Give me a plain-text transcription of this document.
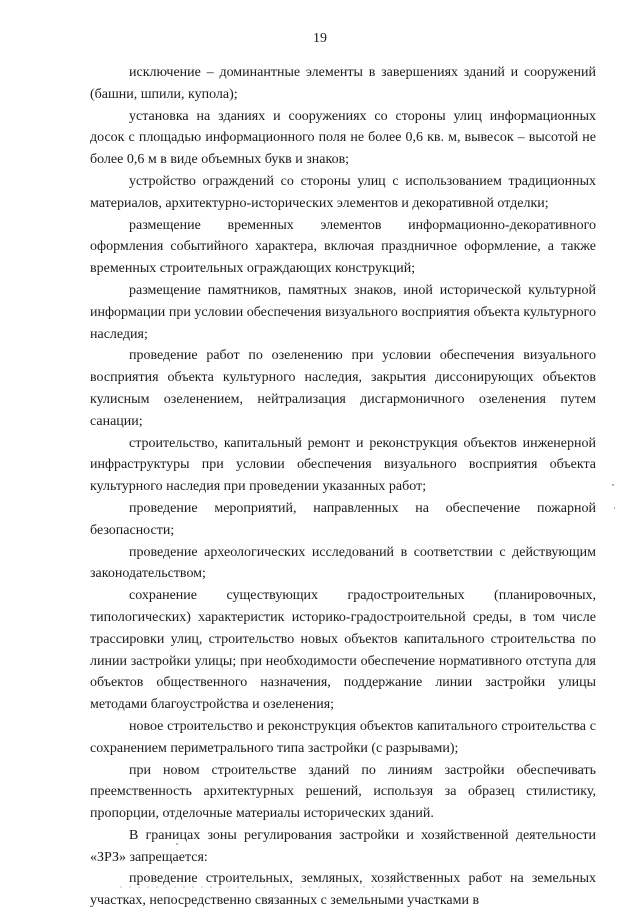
19

исключение – доминантные элементы в завершениях зданий и сооружений (башни, шпили, купола);

установка на зданиях и сооружениях со стороны улиц информационных досок с площадью информационного поля не более 0,6 кв. м, вывесок – высотой не более 0,6 м в виде объемных букв и знаков;

устройство ограждений со стороны улиц с использованием традиционных материалов, архитектурно-исторических элементов и декоративной отделки;

размещение временных элементов информационно-декоративного оформления событийного характера, включая праздничное оформление, а также временных строительных ограждающих конструкций;

размещение памятников, памятных знаков, иной исторической культурной информации при условии обеспечения визуального восприятия объекта культурного наследия;

проведение работ по озеленению при условии обеспечения визуального восприятия объекта культурного наследия, закрытия диссонирующих объектов кулисным озеленением, нейтрализация дисгармоничного озеленения путем санации;

строительство, капитальный ремонт и реконструкция объектов инженерной инфраструктуры при условии обеспечения визуального восприятия объекта культурного наследия при проведении указанных работ;

проведение мероприятий, направленных на обеспечение пожарной безопасности;

проведение археологических исследований в соответствии с действующим законодательством;

сохранение существующих градостроительных (планировочных, типологических) характеристик историко-градостроительной среды, в том числе трассировки улиц, строительство новых объектов капитального строительства по линии застройки улицы; при необходимости обеспечение нормативного отступа для объектов общественного назначения, поддержание линии застройки улицы методами благоустройства и озеленения;

новое строительство и реконструкция объектов капитального строительства с сохранением периметрального типа застройки (с разрывами);

при новом строительстве зданий по линиям застройки обеспечивать преемственность архитектурных решений, используя за образец стилистику, пропорции, отделочные материалы исторических зданий.

В границах зоны регулирования застройки и хозяйственной деятельности «ЗРЗ» запрещается:

проведение строительных, земляных, хозяйственных работ на земельных участках, непосредственно связанных с земельными участками в
